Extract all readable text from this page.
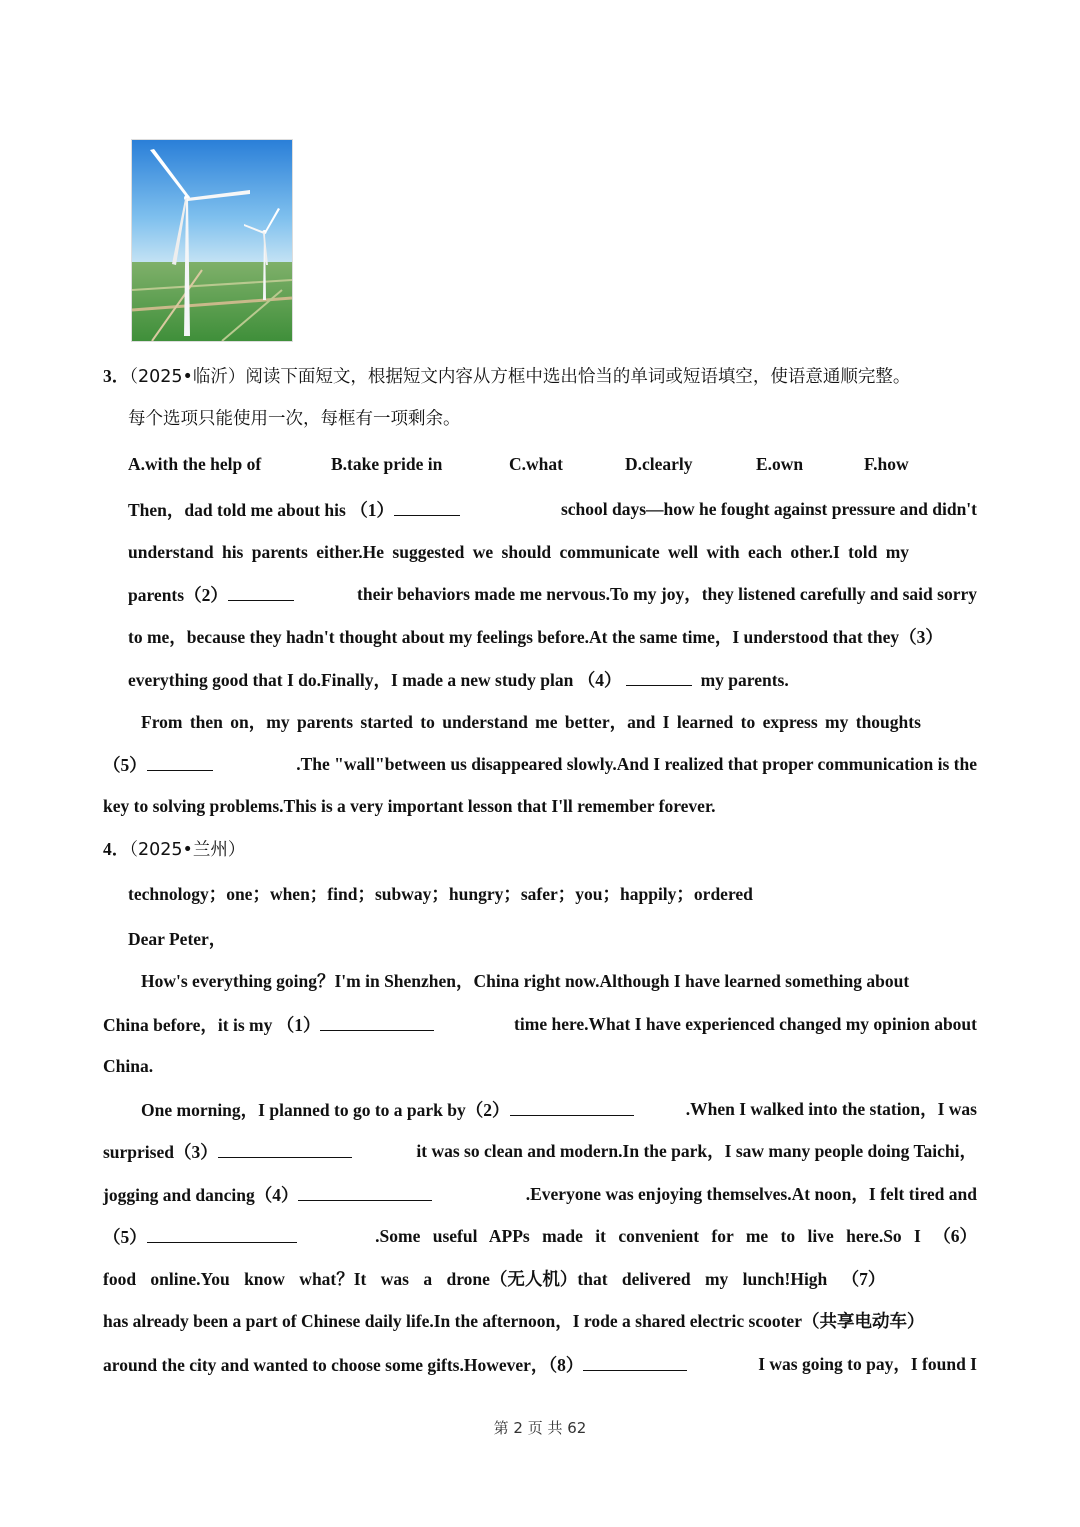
3．（2025•临沂）阅读下面短文，根据短文内容从方框中选出恰当的单词或短语填空，使语意通顺完整。
每个选项只能使用一次，每框有一项剩余。
A.with the help of	B.take pride in	C.what	D.clearly	E.own	F.how
Then，dad told me about his （1）	school days—how he fought against pressure and didn't
understand his parents either.He suggested we should communicate well with each other.I told my
parents（2）	their behaviors made me nervous.To my joy，they listened carefully and said sorry
to me，because they hadn't thought about my feelings before.At the same time，I understood that they（3）
everything good that I do.Finally，I made a new study plan （4）	my parents.
From then on，my parents started to understand me better，and I learned to express my thoughts
（5）	.The "wall"between us disappeared slowly.And I realized that proper communication is the
key to solving problems.This is a very important lesson that I'll remember forever.
4．（2025•兰州）
technology；one；when；find；subway；hungry；safer；you；happily；ordered
Dear Peter，
How's everything going？I'm in Shenzhen，China right now.Although I have learned something about
China before，it is my （1）	time here.What I have experienced changed my opinion about
China.
One morning，I planned to go to a park by（2）	.When I walked into the station，I was
surprised（3）	it was so clean and modern.In the park，I saw many people doing Taichi，
jogging and dancing（4）	.Everyone was enjoying themselves.At noon，I felt tired and
（5）	.Some useful APPs made it convenient for me to live here.So I （6）
food online.You know what？It was a drone（无人机）that delivered my lunch!High （7）
has already been a part of Chinese daily life.In the afternoon，I rode a shared electric scooter（共享电动车）
around the city and wanted to choose some gifts.However，（8）	I was going to pay，I found I
第 2 页 共 62
